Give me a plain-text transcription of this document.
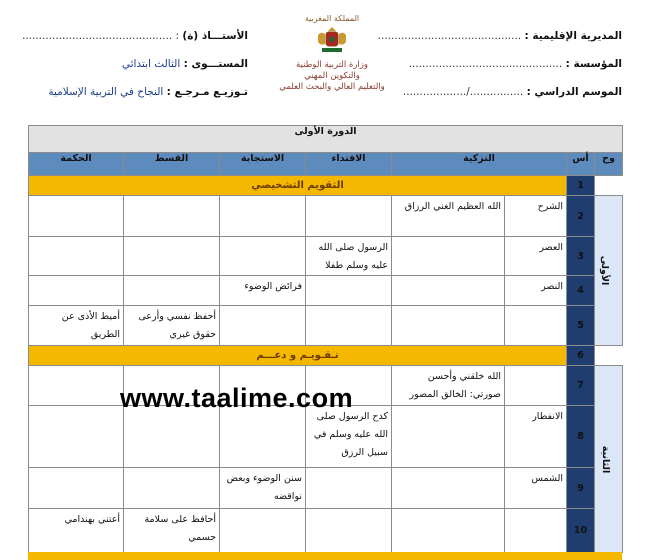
المديرية الإقليمية : ...........................................
المؤسسة : ..............................................
الموسم الدراسي : ................/...................
المملكة المغربية
وزارة التربية الوطنية
والتكوين المهني
والتعليم العالي والبحث العلمي
الأستـــاذ (ة) : .............................................
المستـــوى : الثالث ابتدائي
تـوزيـع مـرجـع : النجاح في التربية الإسلامية
الدورة الأولى							
وح	أس	التزكية		الاقتداء	الاستجابة	القسط	الحكمة
	1	التقويم التشخيصي					
الأولى	2	الشرح	الله العظيم الغني الرزاق				
	3	العصر		الرسول صلى الله عليه وسلم طفلا			
	4	النصر			فرائض الوضوء		
	5					أحفظ نفسي وأرعى حقوق غيري	أميط الأذى عن الطريق
	6	تـقـويـم و دعـــم					
الثانية	7		الله خلقني وأحسن صورتي: الخالق المصور				
	8	الانفطار		كدح الرسول صلى الله عليه وسلم في سبيل الرزق			
	9	الشمس			سنن الوضوء وبعض نواقضه		
	10					أحافظ على سلامة جسمي	أعتني بهندامي
www.taalime.com
